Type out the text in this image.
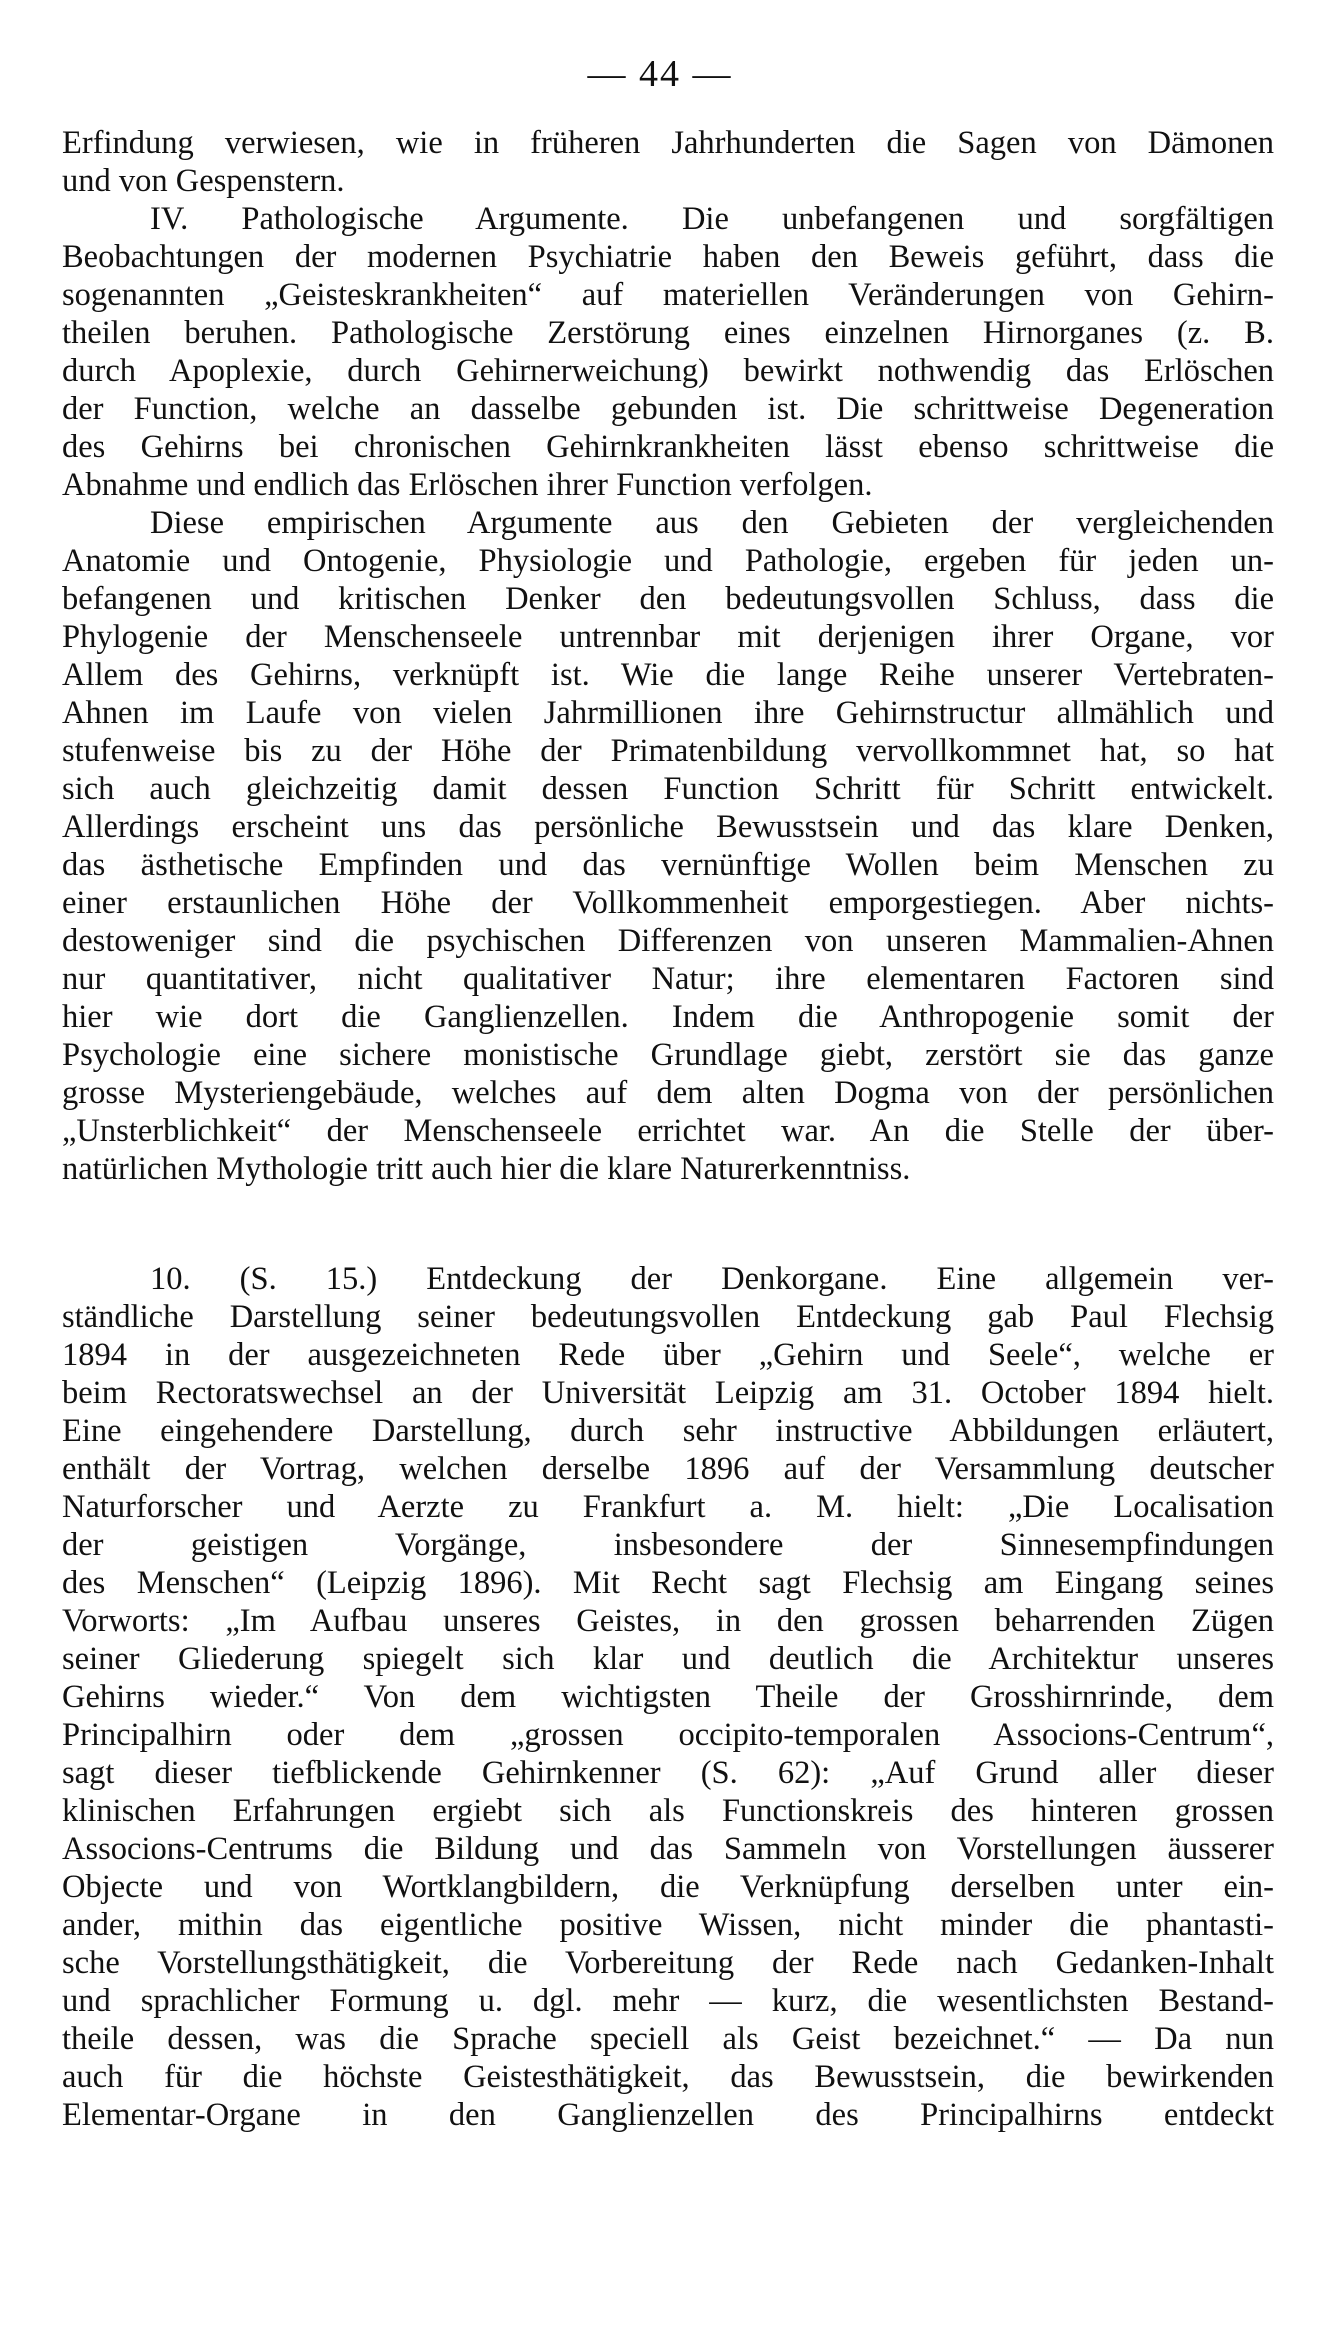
— 44 —
Erfindung verwiesen, wie in früheren Jahrhunderten die Sagen von Dämonen
und von Gespenstern.
IV. Pathologische Argumente. Die unbefangenen und sorgfältigen
Beobachtungen der modernen Psychiatrie haben den Beweis geführt, dass die
sogenannten „Geisteskrankheiten“ auf materiellen Veränderungen von Gehirn-
theilen beruhen. Pathologische Zerstörung eines einzelnen Hirnorganes (z. B.
durch Apoplexie, durch Gehirnerweichung) bewirkt nothwendig das Erlöschen
der Function, welche an dasselbe gebunden ist. Die schrittweise Degeneration
des Gehirns bei chronischen Gehirnkrankheiten lässt ebenso schrittweise die
Abnahme und endlich das Erlöschen ihrer Function verfolgen.
Diese empirischen Argumente aus den Gebieten der vergleichenden
Anatomie und Ontogenie, Physiologie und Pathologie, ergeben für jeden un-
befangenen und kritischen Denker den bedeutungsvollen Schluss, dass die
Phylogenie der Menschenseele untrennbar mit derjenigen ihrer Organe, vor
Allem des Gehirns, verknüpft ist. Wie die lange Reihe unserer Vertebraten-
Ahnen im Laufe von vielen Jahrmillionen ihre Gehirnstructur allmählich und
stufenweise bis zu der Höhe der Primatenbildung vervollkommnet hat, so hat
sich auch gleichzeitig damit dessen Function Schritt für Schritt entwickelt.
Allerdings erscheint uns das persönliche Bewusstsein und das klare Denken,
das ästhetische Empfinden und das vernünftige Wollen beim Menschen zu
einer erstaunlichen Höhe der Vollkommenheit emporgestiegen. Aber nichts-
destoweniger sind die psychischen Differenzen von unseren Mammalien-Ahnen
nur quantitativer, nicht qualitativer Natur; ihre elementaren Factoren sind
hier wie dort die Ganglienzellen. Indem die Anthropogenie somit der
Psychologie eine sichere monistische Grundlage giebt, zerstört sie das ganze
grosse Mysteriengebäude, welches auf dem alten Dogma von der persönlichen
„Unsterblichkeit“ der Menschenseele errichtet war. An die Stelle der über-
natürlichen Mythologie tritt auch hier die klare Naturerkenntniss.
10. (S. 15.) Entdeckung der Denkorgane. Eine allgemein ver-
ständliche Darstellung seiner bedeutungsvollen Entdeckung gab Paul Flechsig
1894 in der ausgezeichneten Rede über „Gehirn und Seele“, welche er
beim Rectoratswechsel an der Universität Leipzig am 31. October 1894 hielt.
Eine eingehendere Darstellung, durch sehr instructive Abbildungen erläutert,
enthält der Vortrag, welchen derselbe 1896 auf der Versammlung deutscher
Naturforscher und Aerzte zu Frankfurt a. M. hielt: „Die Localisation
der geistigen Vorgänge, insbesondere der Sinnesempfindungen
des Menschen“ (Leipzig 1896). Mit Recht sagt Flechsig am Eingang seines
Vorworts: „Im Aufbau unseres Geistes, in den grossen beharrenden Zügen
seiner Gliederung spiegelt sich klar und deutlich die Architektur unseres
Gehirns wieder.“ Von dem wichtigsten Theile der Grosshirnrinde, dem
Principalhirn oder dem „grossen occipito-temporalen Associons-Centrum“,
sagt dieser tiefblickende Gehirnkenner (S. 62): „Auf Grund aller dieser
klinischen Erfahrungen ergiebt sich als Functionskreis des hinteren grossen
Associons-Centrums die Bildung und das Sammeln von Vorstellungen äusserer
Objecte und von Wortklangbildern, die Verknüpfung derselben unter ein-
ander, mithin das eigentliche positive Wissen, nicht minder die phantasti-
sche Vorstellungsthätigkeit, die Vorbereitung der Rede nach Gedanken-Inhalt
und sprachlicher Formung u. dgl. mehr — kurz, die wesentlichsten Bestand-
theile dessen, was die Sprache speciell als Geist bezeichnet.“ — Da nun
auch für die höchste Geistesthätigkeit, das Bewusstsein, die bewirkenden
Elementar-Organe in den Ganglienzellen des Principalhirns entdeckt
